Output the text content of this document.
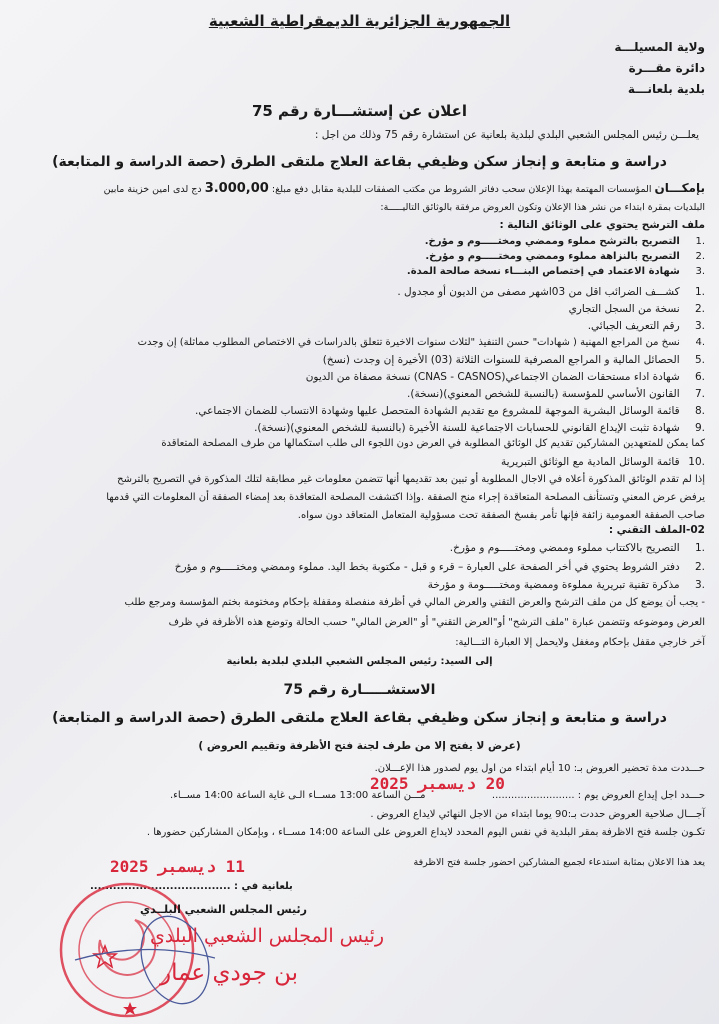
الجمهورية الجزائرية الديمقراطية الشعبية
ولاية المسيلـــة
دائرة مقـــرة
بلدية بلعانـــة
اعلان عن إستشـــارة رقم 75
يعلـــن رئيس المجلس الشعبي البلدي لبلدية بلعانية عن استشارة رقم 75 وذلك من اجل :
دراسة و متابعة و إنجاز سكن وظيفي بقاعة العلاج ملتقى الطرق (حصة الدراسة و المتابعة)
بإمكـــان المؤسسات المهتمة بهذا الإعلان سحب دفاتر الشروط من مكتب الصفقات للبلدية مقابل دفع مبلغ: 3.000,00 دج لدى امين خزينة مابين
البلديات بمقرة ابتداء من نشر هذا الإعلان وتكون العروض مرفقة بالوثائق التاليـــــة:
ملف الترشح يحتوي على الوثائق التالية :
1. التصريح بالترشح مملوء وممضي ومختـــــوم و مؤرخ.
2. التصريح بالنزاهة مملوء وممضي ومختـــــوم و مؤرخ.
3. شهادة الاعتماد في إختصاص البنـــاء نسخة صالحة المدة.
1. كشـــف الضرائب اقل من 03اشهر مصفى من الديون أو مجدول .
2. نسخة من السجل التجاري
3. رقم التعريف الجبائي.
4. نسخ من المراجع المهنية ( شهادات" حسن التنفيذ "لثلاث سنوات الاخيرة تتعلق بالدراسات في الاختصاص المطلوب مماثلة) إن وجدت
5. الحصائل المالية و المراجع المصرفية للسنوات الثلاثة (03) الأخيرة إن وجدت (نسخ)
6. شهادة اداء مستحقات الضمان الاجتماعي(CNAS - CASNOS) نسخة مصفاة من الديون
7. القانون الأساسي للمؤسسة (بالنسبة للشخص المعنوي)(نسخة).
8. قائمة الوسائل البشرية الموجهة للمشروع مع تقديم الشهادة المتحصل عليها وشهادة الانتساب للضمان الاجتماعي.
9. شهادة تثبت الإيداع القانوني للحسابات الاجتماعية للسنة الأخيرة (بالنسبة للشخص المعنوي)(نسخة).
كما يمكن للمتعهدين المشاركين تقديم كل الوثائق المطلوبة في العرض دون اللجوء الى طلب استكمالها من طرف المصلحة المتعاقدة
10. قائمة الوسائل المادية مع الوثائق التبريرية
إذا لم تقدم الوثائق المذكورة أعلاه في الاجال المطلوبة أو تبين بعد تقديمها أنها تتضمن معلومات غير مطابقة لتلك المذكورة في التصريح بالترشح
يرفض عرض المعني وتستأنف المصلحة المتعاقدة إجراء منح الصفقة .وإذا اكتشفت المصلحة المتعاقدة بعد إمضاء الصفقة أن المعلومات التي قدمها
صاحب الصفقة العمومية زائفة فإنها تأمر بفسخ الصفقة تحت مسؤولية المتعامل المتعاقد دون سواه.
02-الملف التقني :
1. التصريح بالاكتتاب مملوء وممضي ومختـــــوم و مؤرخ.
2. دفتر الشروط يحتوي في أخر الصفحة على العبارة – قرء و قبل - مكتوبة بخط اليد. مملوء وممضي ومختـــــوم و مؤرخ
3. مذكرة تقنية تبريرية مملوءة وممضية ومختـــــومة و مؤرخة
- يجب أن يوضع كل من ملف الترشح والعرض التقني والعرض المالي في أظرفة منفصلة ومقفلة بإحكام ومختومة بختم المؤسسة ومرجع طلب
العرض وموضوعه وتتضمن عبارة "ملف الترشح" أو"العرض التقني" أو "العرض المالي" حسب الحالة وتوضع هذه الأظرفة في ظرف
آخر خارجي مقفل بإحكام ومغفل ولايحمل إلا العبارة التـــالية:
إلى السيد: رئيس المجلس الشعبي البلدي لبلدية بلعانية
الاستشـــــارة رقم 75
دراسة و متابعة و إنجاز سكن وظيفي بقاعة العلاج ملتقى الطرق (حصة الدراسة و المتابعة)
(عرض لا يفتح إلا من طرف لجنة فتح الأظرفة وتقييم العروض )
حـــددت مدة تحضير العروض بـ: 10 أيام ابتداء من اول يوم لصدور هذا الإعـــلان.
20 ديسمبر 2025
حـــدد اجل إيداع العروض يوم : ..........................  مـــن الساعة 13:00 مســاء الـى غاية الساعة 14:00 مســاء.
آجـــال صلاحية العروض حددت بـ:90 يوما ابتداء من الاجل النهائي لايداع العروض .
تكـون جلسة فتح الاظرفة بمقر البلدية في نفس اليوم المحدد لايداع العروض على الساعة 14:00 مســاء ، وبإمكان المشاركين حضورها .
يعد هذا الاعلان بمثابة استدعاء لجميع المشاركين احضور جلسة فتح الاظرفة
11 ديسمبر 2025
بلعانية في : .....................................
رئيس المجلس الشعبي البلــدي
رئيس المجلس الشعبي البلدي
بن جودي عمار
